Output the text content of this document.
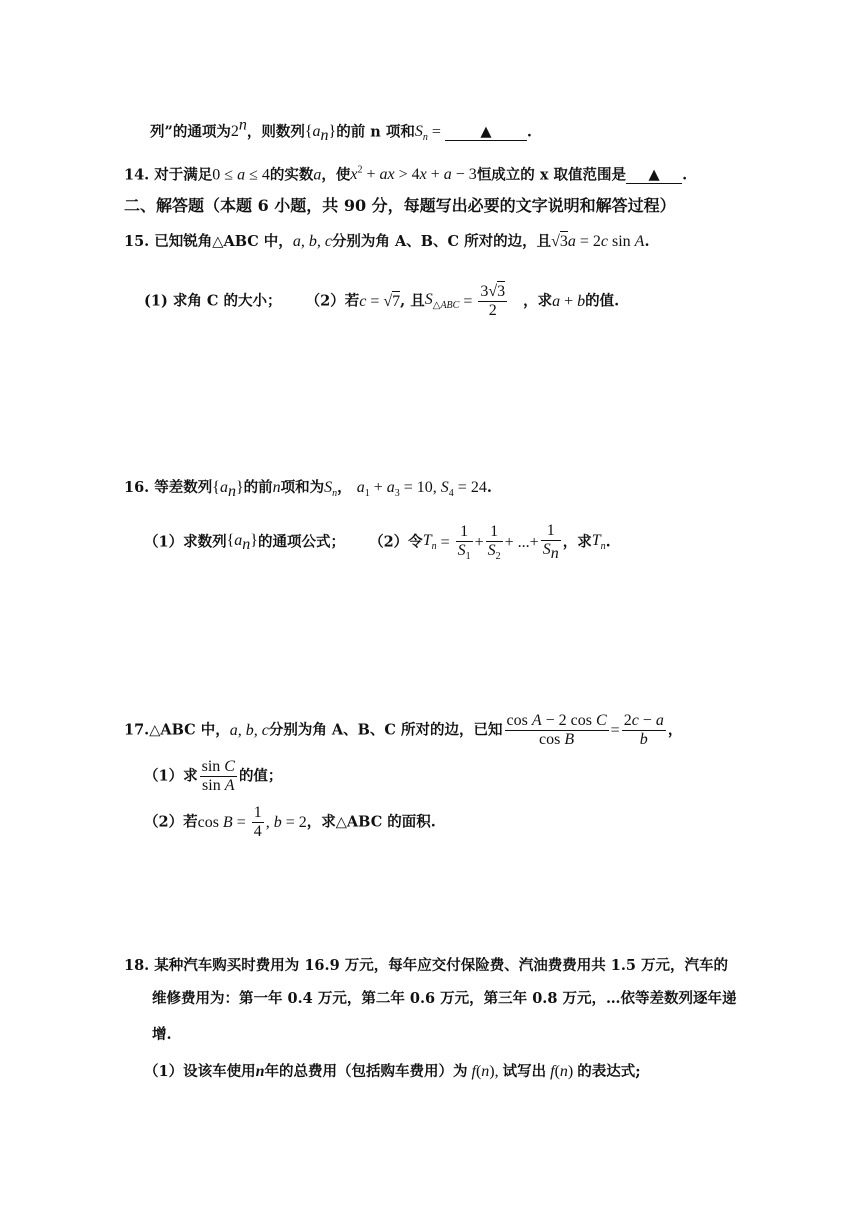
列”的通项为2$^n$，则数列$\{a_n\}$的前 n 项和$S_n$ = ▲ .
14. 对于满足0 ≤ a ≤ 4的实数a，使$x^2$ + ax > 4x + a − 3恒成立的 x 取值范围是 ▲ .
二、解答题（本题 6 小题，共 90 分，每题写出必要的文字说明和解答过程）
15. 已知锐角△ABC 中，a, b, c分别为角 A、B、C 所对的边，且√3a = 2c sin A.
(1) 求角 C 的大小； （2）若c = √7, 且$S_{\triangle ABC} = \frac{3√3}{2}$ ，求a + b的值.
16. 等差数列$\{a_n\}$的前n项和为$S_n$， $a_1 + a_3 = 10$, $S_4 = 24$.
（1）求数列$\{a_n\}$的通项公式； （2）令$T_n = \frac{1}{S_1} + \frac{1}{S_2}$ + ...+ $\frac{1}{S_n}$ ，求$T_n$.
17.△ABC 中，a, b, c分别为角 A、B、C 所对的边，已知 $\frac{\text{cos A − 2 cos C}}{\text{cos B}} = \frac{2c - a}{b}$ ，
（1）求 $\frac{\text{sin C}}{\text{sin A}}$ 的值；
（2）若$\cos B = \frac{1}{4}$ , b = 2，求△ABC 的面积.
18. 某种汽车购买时费用为 16.9 万元，每年应交付保险费、汽油费费用共 1.5 万元，汽车的
维修费用为：第一年 0.4 万元，第二年 0.6 万元，第三年 0.8 万元，…依等差数列逐年递
增.
（1）设该车使用n年的总费用（包括购车费用）为 f(n), 试写出 f(n) 的表达式;
